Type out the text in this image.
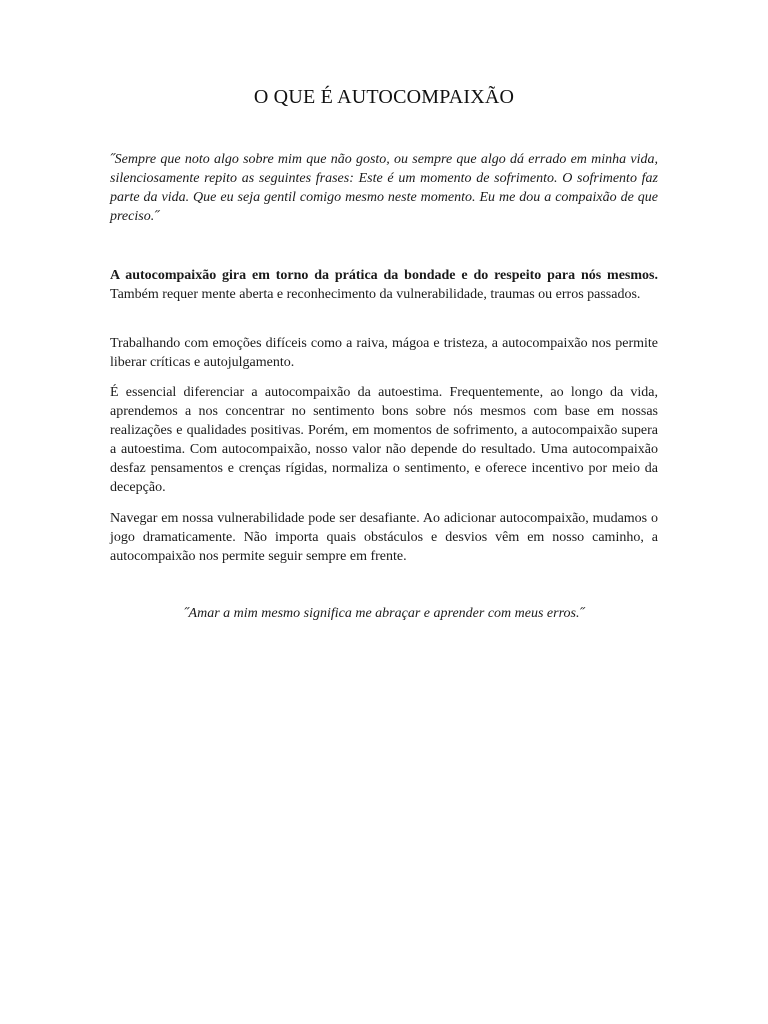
O QUE É AUTOCOMPAIXÃO

˝Sempre que noto algo sobre mim que não gosto, ou sempre que algo dá errado em minha vida, silenciosamente repito as seguintes frases: Este é um momento de sofrimento. O sofrimento faz parte da vida. Que eu seja gentil comigo mesmo neste momento. Eu me dou a compaixão de que preciso.˝

A autocompaixão gira em torno da prática da bondade e do respeito para nós mesmos. Também requer mente aberta e reconhecimento da vulnerabilidade, traumas ou erros passados.

Trabalhando com emoções difíceis como a raiva, mágoa e tristeza, a autocompaixão nos permite liberar críticas e autojulgamento.

É essencial diferenciar a autocompaixão da autoestima. Frequentemente, ao longo da vida, aprendemos a nos concentrar no sentimento bons sobre nós mesmos com base em nossas realizações e qualidades positivas. Porém, em momentos de sofrimento, a autocompaixão supera a autoestima. Com autocompaixão, nosso valor não depende do resultado. Uma autocompaixão desfaz pensamentos e crenças rígidas, normaliza o sentimento, e oferece incentivo por meio da decepção.

Navegar em nossa vulnerabilidade pode ser desafiante. Ao adicionar autocompaixão, mudamos o jogo dramaticamente. Não importa quais obstáculos e desvios vêm em nosso caminho, a autocompaixão nos permite seguir sempre em frente.

˝Amar a mim mesmo significa me abraçar e aprender com meus erros.˝
